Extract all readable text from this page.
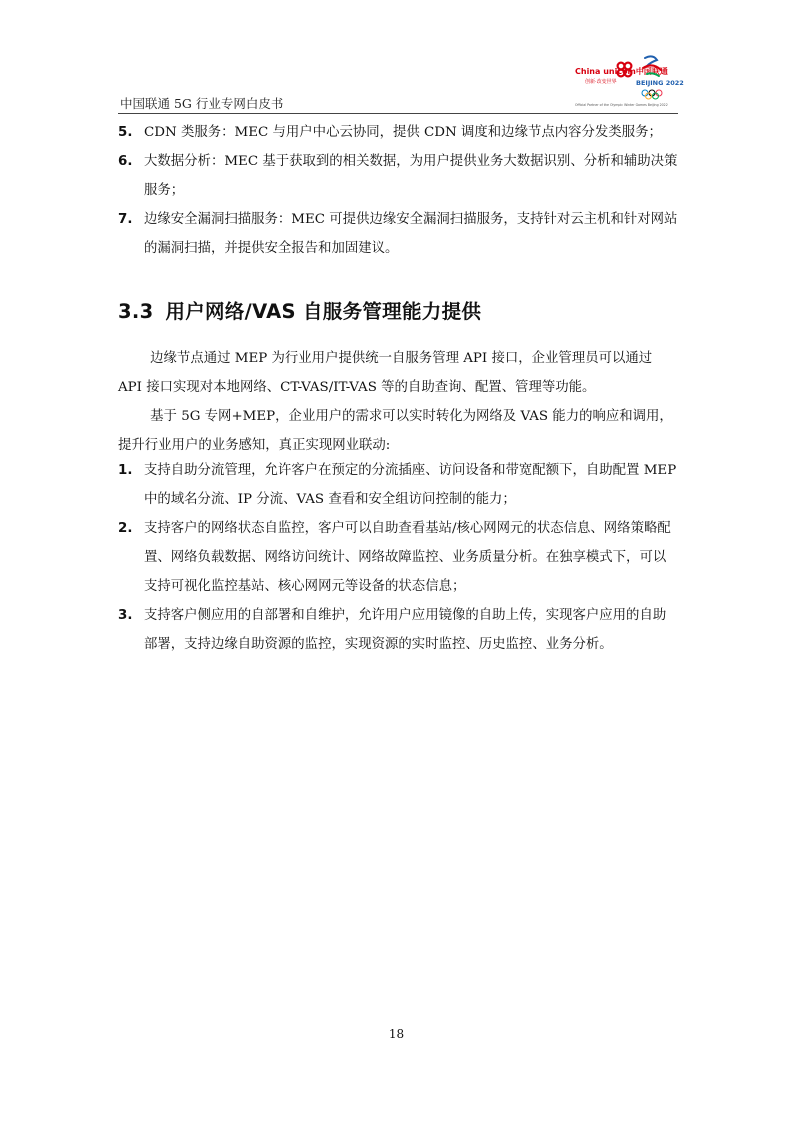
中国联通 5G 行业专网白皮书
China unicom中国联通
创新·改变世界	BEIJING 2022
Official Partner of the Olympic Winter Games Beijing 2022
5. CDN 类服务：MEC 与用户中心云协同，提供 CDN 调度和边缘节点内容分发类服务；
6. 大数据分析：MEC 基于获取到的相关数据，为用户提供业务大数据识别、分析和辅助决策服务；
7. 边缘安全漏洞扫描服务：MEC 可提供边缘安全漏洞扫描服务，支持针对云主机和针对网站的漏洞扫描，并提供安全报告和加固建议。
3.3 用户网络/VAS 自服务管理能力提供
边缘节点通过 MEP 为行业用户提供统一自服务管理 API 接口，企业管理员可以通过 API 接口实现对本地网络、CT-VAS/IT-VAS 等的自助查询、配置、管理等功能。
基于 5G 专网+MEP，企业用户的需求可以实时转化为网络及 VAS 能力的响应和调用，提升行业用户的业务感知，真正实现网业联动:
1. 支持自助分流管理，允许客户在预定的分流插座、访问设备和带宽配额下，自助配置 MEP 中的域名分流、IP 分流、VAS 查看和安全组访问控制的能力；
2. 支持客户的网络状态自监控，客户可以自助查看基站/核心网网元的状态信息、网络策略配置、网络负载数据、网络访问统计、网络故障监控、业务质量分析。在独享模式下，可以支持可视化监控基站、核心网网元等设备的状态信息；
3. 支持客户侧应用的自部署和自维护，允许用户应用镜像的自助上传，实现客户应用的自助部署，支持边缘自助资源的监控，实现资源的实时监控、历史监控、业务分析。
18
